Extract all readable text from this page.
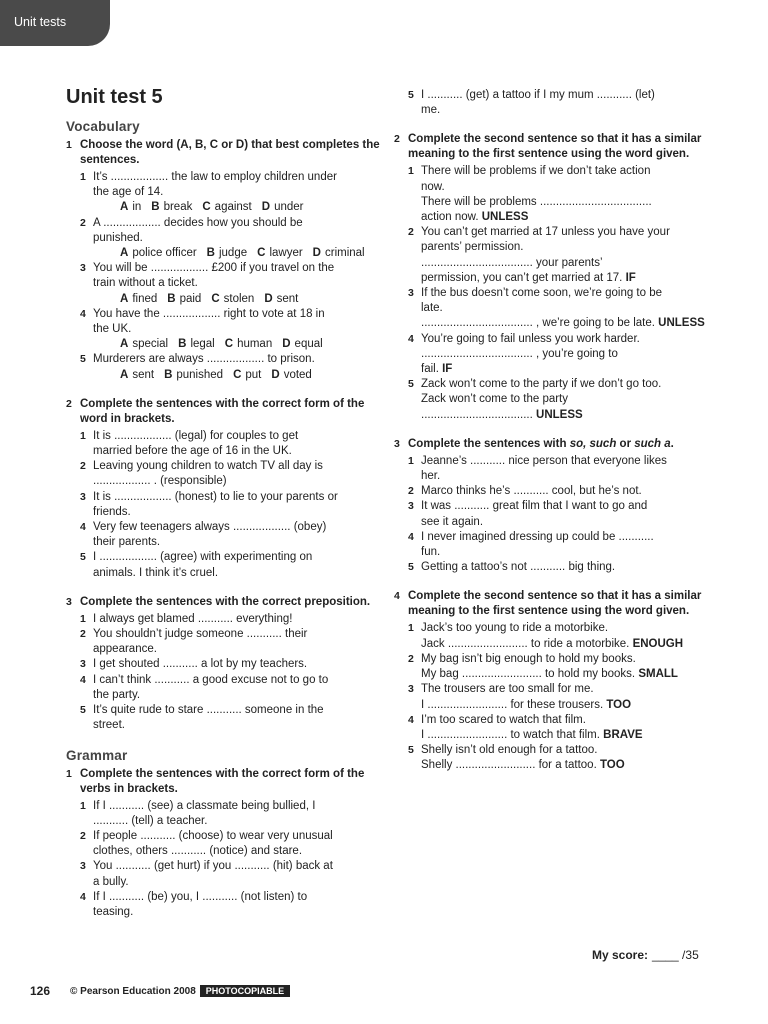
Unit tests
Unit test 5
Vocabulary
1 Choose the word (A, B, C or D) that best completes the sentences.
1 It’s .................. the law to employ children under
the age of 14.
A in B break C against D under
2 A .................. decides how you should be
punished.
A police officer B judge C lawyer D criminal
3 You will be .................. £200 if you travel on the
train without a ticket.
A fined B paid C stolen D sent
4 You have the .................. right to vote at 18 in
the UK.
A special B legal C human D equal
5 Murderers are always .................. to prison.
A sent B punished C put D voted
2 Complete the sentences with the correct form of the word in brackets.
1 It is .................. (legal) for couples to get
married before the age of 16 in the UK.
2 Leaving young children to watch TV all day is
.................. . (responsible)
3 It is .................. (honest) to lie to your parents or
friends.
4 Very few teenagers always .................. (obey)
their parents.
5 I .................. (agree) with experimenting on
animals. I think it’s cruel.
3 Complete the sentences with the correct preposition.
1 I always get blamed ........... everything!
2 You shouldn’t judge someone ........... their
appearance.
3 I get shouted ........... a lot by my teachers.
4 I can’t think ........... a good excuse not to go to
the party.
5 It’s quite rude to stare ........... someone in the
street.
Grammar
1 Complete the sentences with the correct form of the verbs in brackets.
1 If I ........... (see) a classmate being bullied, I
........... (tell) a teacher.
2 If people ........... (choose) to wear very unusual
clothes, others ........... (notice) and stare.
3 You ........... (get hurt) if you ........... (hit) back at
a bully.
4 If I ........... (be) you, I ........... (not listen) to
teasing.
5 I ........... (get) a tattoo if I my mum ........... (let)
me.
2 Complete the second sentence so that it has a similar meaning to the first sentence using the word given.
1 There will be problems if we don’t take action
now.
There will be problems ...................................
action now. UNLESS
2 You can’t get married at 17 unless you have your
parents’ permission.
................................... your parents’
permission, you can’t get married at 17. IF
3 If the bus doesn’t come soon, we’re going to be
late.
................................... , we’re going to be late. UNLESS
4 You’re going to fail unless you work harder.
................................... , you’re going to
fail. IF
5 Zack won’t come to the party if we don’t go too.
Zack won’t come to the party
................................... UNLESS
3 Complete the sentences with so, such or such a.
1 Jeanne’s ........... nice person that everyone likes
her.
2 Marco thinks he’s ........... cool, but he’s not.
3 It was ........... great film that I want to go and
see it again.
4 I never imagined dressing up could be ...........
fun.
5 Getting a tattoo’s not ........... big thing.
4 Complete the second sentence so that it has a similar meaning to the first sentence using the word given.
1 Jack’s too young to ride a motorbike.
Jack ......................... to ride a motorbike. ENOUGH
2 My bag isn’t big enough to hold my books.
My bag ......................... to hold my books. SMALL
3 The trousers are too small for me.
I ......................... for these trousers. TOO
4 I’m too scared to watch that film.
I ......................... to watch that film. BRAVE
5 Shelly isn’t old enough for a tattoo.
Shelly ......................... for a tattoo. TOO
My score: ____ /35
126 © Pearson Education 2008	PHOTOCOPIABLE
